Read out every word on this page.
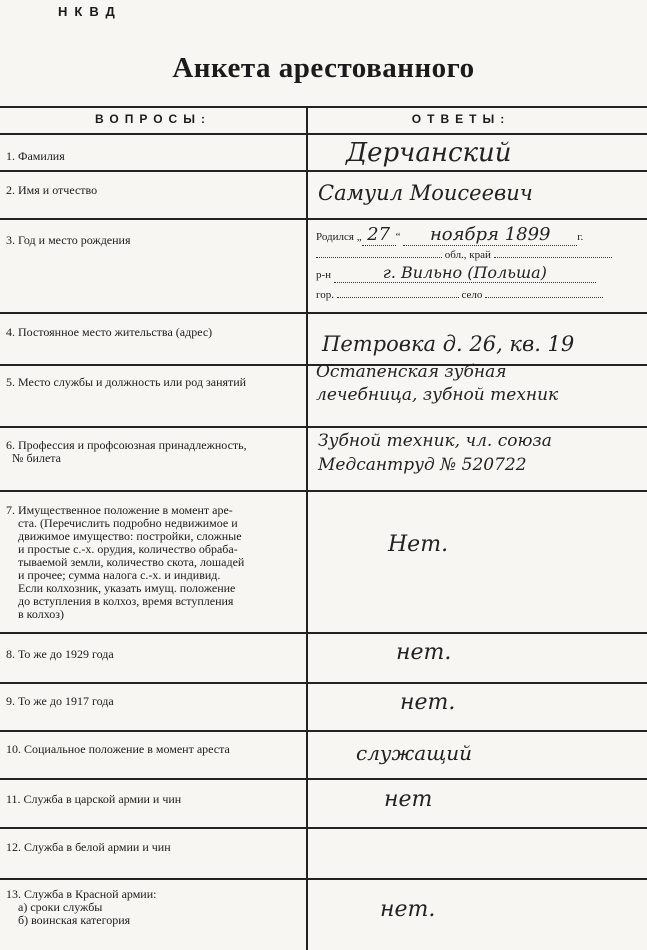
НКВД
Анкета арестованного
ВОПРОСЫ:	ОТВЕТЫ:
1. Фамилия	Дерчанский
2. Имя и отчество	Самуил Моисеевич
3. Год и место рождения	Родился „ 27 “ ноября 1899 г.
обл., край
р-н	г. Вильно (Польша)
гор.	село
4. Постоянное место жительства (адрес)	Петровка д. 26, кв. 19
5. Место службы и должность или род занятий	Остапенская зубная
лечебница, зубной техник
6. Профессия и профсоюзная принадлежность,
№ билета
Зубной техник, чл. союза
Медсантруд № 520722
7. Имущественное положение в момент аре-
ста. (Перечислить подробно недвижимое и
движимое имущество: постройки, сложные
и простые с.-х. орудия, количество обраба-
тываемой земли, количество скота, лошадей
и прочее; сумма налога с.-х. и индивид.
Если колхозник, указать имущ. положение
до вступления в колхоз, время вступления
в колхоз)
Нет.
8. То же до 1929 года	нет.
9. То же до 1917 года	нет.
10. Социальное положение в момент ареста	служащий
11. Служба в царской армии и чин	нет
12. Служба в белой армии и чин
13. Служба в Красной армии:
а) сроки службы
б) воинская категория	нет.
